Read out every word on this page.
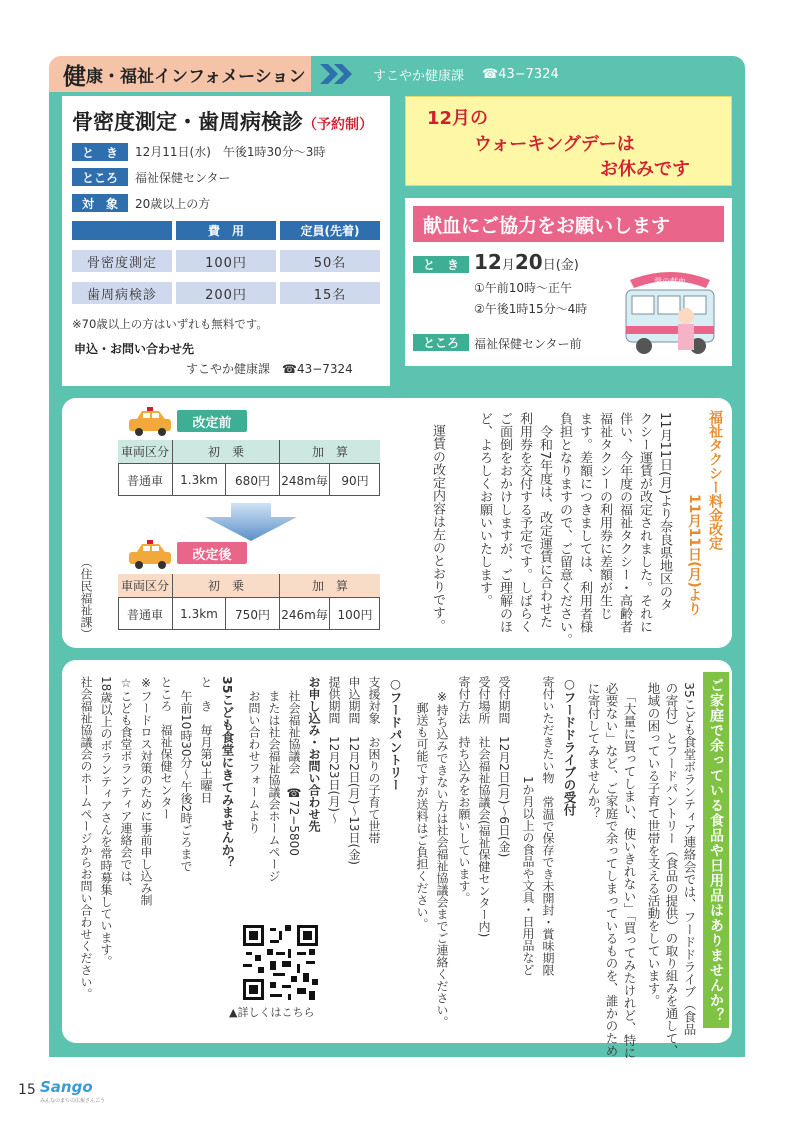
健 康・福祉インフォメーション	すこやか健康課 ☎43−7324
骨密度測定・歯周病検診（予約制）
と　き	12月11日(水)　午後1時30分〜3時
ところ	福祉保健センター
対　象	20歳以上の方
費　用	定員(先着)
骨密度測定	100円	50名
歯周病検診	200円	15名
※70歳以上の方はいずれも無料です。
申込・お問い合わせ先
すこやか健康課　☎43−7324
12月の
ウォーキングデーは
お休みです
献血にご協力をお願いします
と　き 12月20日(金)
①午前10時〜正午
②午後1時15分〜4時
ところ	福祉保健センター前
愛の献血
改定前
車両区分	初　乗	加　算
普通車	1.3km	680円 248m毎	90円
改定後
車両区分	初　乗	加　算
普通車	1.3km	750円 246m毎 100円
（住民福祉課）
福祉タクシー料金改定
11月11日(月)より
11月11日(月)より奈良県地区のタ
クシー運賃が改定されました。それに
伴い、今年度の福祉タクシー・高齢者
福祉タクシーの利用券に差額が生じ
ます。差額につきましては、利用者様
負担となりますので、ご留意ください。
令和7年度は、改定運賃に合わせた
利用券を交付する予定です。しばらく
ご面倒をおかけしますが、ご理解のほ
ど、よろしくお願いいたします。
運賃の改定内容は左のとおりです。
ご家庭で余っている食品や日用品はありませんか？
35こども食堂ボランティア連絡会では、フードドライブ（食品
の寄付）とフードパントリー（食品の提供）の取り組みを通して、
地域の困っている子育て世帯を支える活動をしています。
「大量に買ってしまい、使いきれない」「買ってみたけれど、特に
必要ない」など、ご家庭で余ってしまっているものを、誰かのため
に寄付してみませんか？
○フードドライブの受付
寄付いただきたい物　常温で保存でき未開封・賞味期限
1か月以上の食品や文具・日用品など
受付期間　12月2日(月)〜6日(金)
受付場所　社会福祉協議会(福祉保健センター内)
寄付方法　持ち込みをお願いしています。
※持ち込みできない方は社会福祉協議会までご連絡ください。
郵送も可能ですが送料はご負担ください。
○フードパントリー
支援対象　お困りの子育て世帯
申込期間　12月2日(月)〜13日(金)
提供期間　12月23日(月)〜
お申し込み・お問い合わせ先
社会福祉協議会　☎72−5800
または社会福祉協議会ホームページ
お問い合わせフォームより
35こども食堂にきてみませんか？
と　き　毎月第3土曜日
午前10時30分〜午後2時ごろまで
ところ　福祉保健センター
※フードロス対策のために事前申し込み制
☆こども食堂ボランティア連絡会では、
18歳以上のボランティアさんを常時募集しています。
社会福祉協議会のホームページからお問い合わせください。
▲詳しくはこちら
15 Sango
みんなのまちの広報さんごう
